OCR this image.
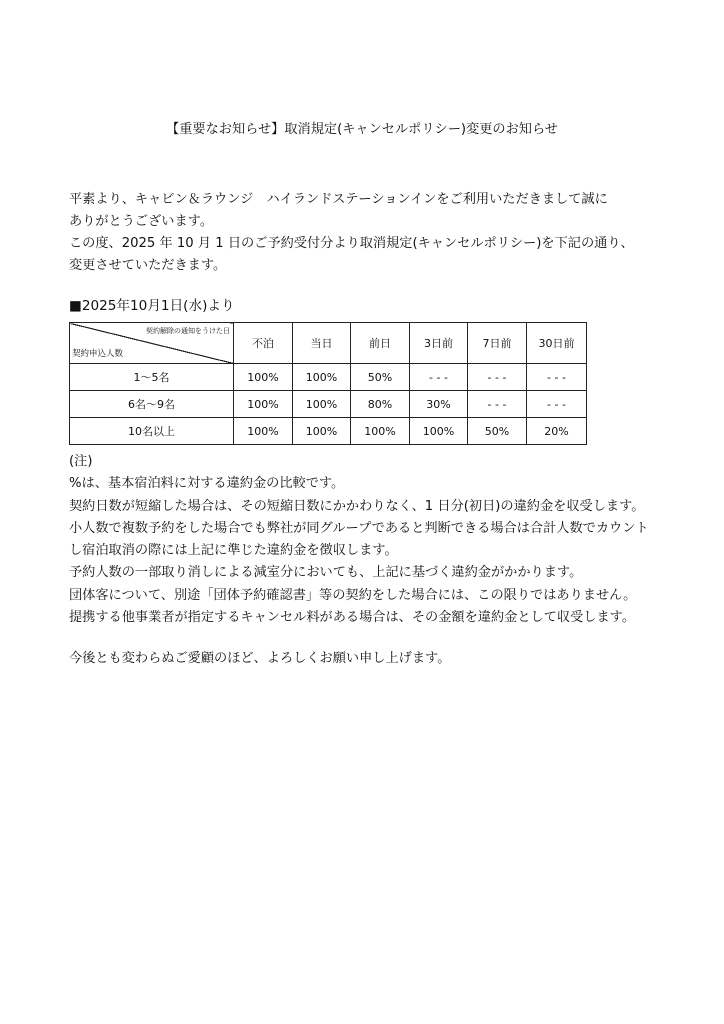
【重要なお知らせ】取消規定(キャンセルポリシー)変更のお知らせ

平素より、キャビン＆ラウンジ　ハイランドステーションインをご利用いただきまして誠に

ありがとうございます。

この度、2025 年 10 月 1 日のご予約受付分より取消規定(キャンセルポリシー)を下記の通り、

変更させていただきます。

■2025年10月1日(水)より
契約解除の通知をうけた日
契約申込人数	不泊	当日	前日	3日前	7日前	30日前
1〜5名	100%	100%	50%	- - -	- - -	- - -
6名〜9名	100%	100%	80%	30%	- - -	- - -
10名以上	100%	100%	100%	100%	50%	20%

(注)

%は、基本宿泊料に対する違約金の比較です。

契約日数が短縮した場合は、その短縮日数にかかわりなく、1 日分(初日)の違約金を収受します。

小人数で複数予約をした場合でも弊社が同グループであると判断できる場合は合計人数でカウント

し宿泊取消の際には上記に準じた違約金を徴収します。

予約人数の一部取り消しによる減室分においても、上記に基づく違約金がかかります。

団体客について、別途「団体予約確認書」等の契約をした場合には、この限りではありません。

提携する他事業者が指定するキャンセル料がある場合は、その金額を違約金として収受します。

今後とも変わらぬご愛顧のほど、よろしくお願い申し上げます。
